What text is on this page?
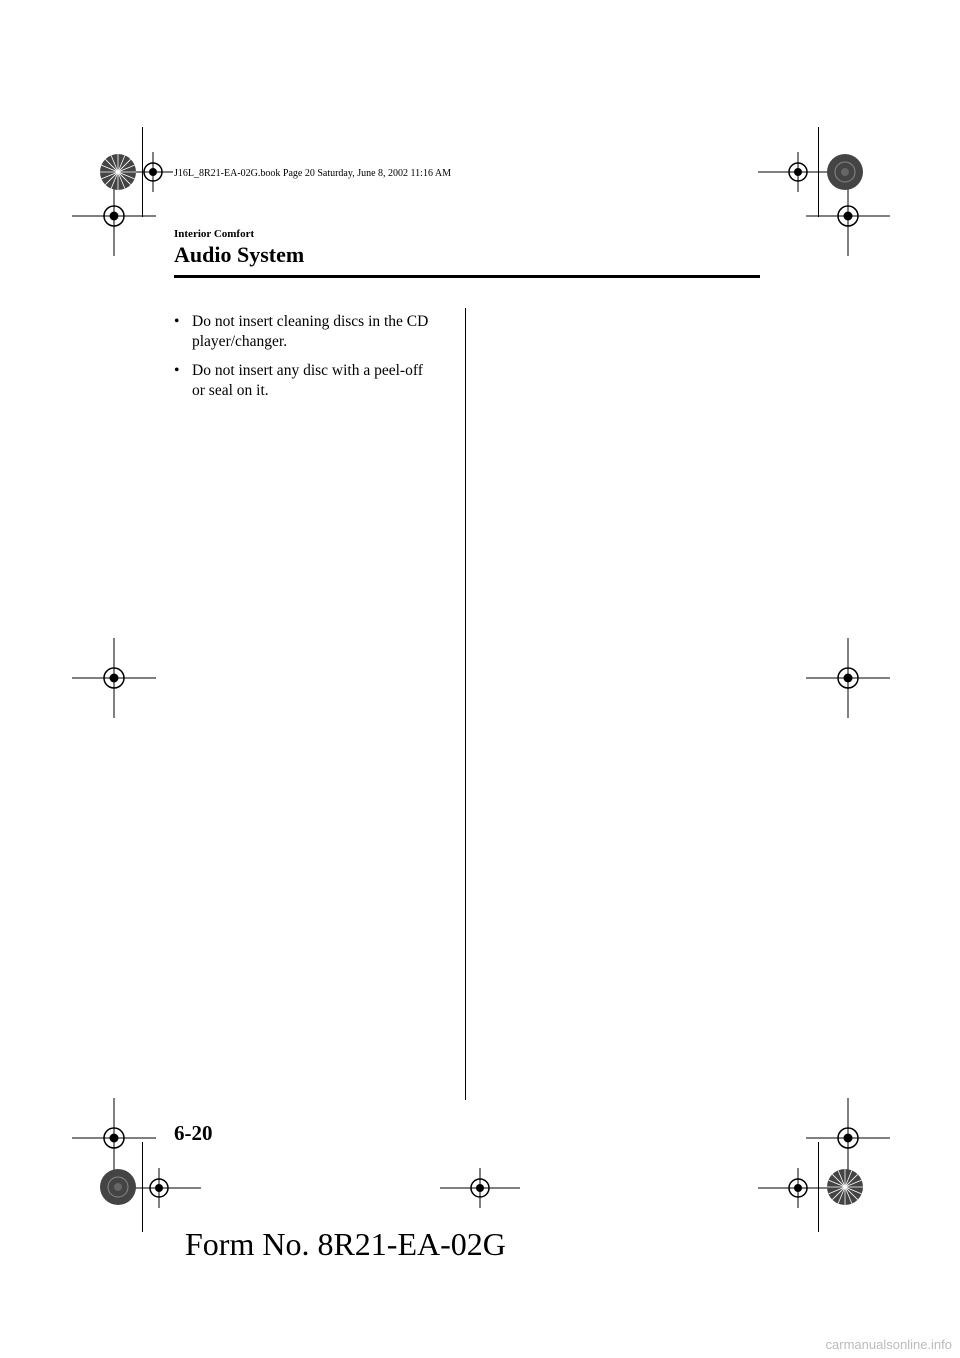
J16L_8R21-EA-02G.book Page 20 Saturday, June 8, 2002 11:16 AM
Interior Comfort
Audio System
• Do not insert cleaning discs in the CD
player/changer.
• Do not insert any disc with a peel-off
or seal on it.
6-20
Form No. 8R21-EA-02G
carmanualsonline.info
